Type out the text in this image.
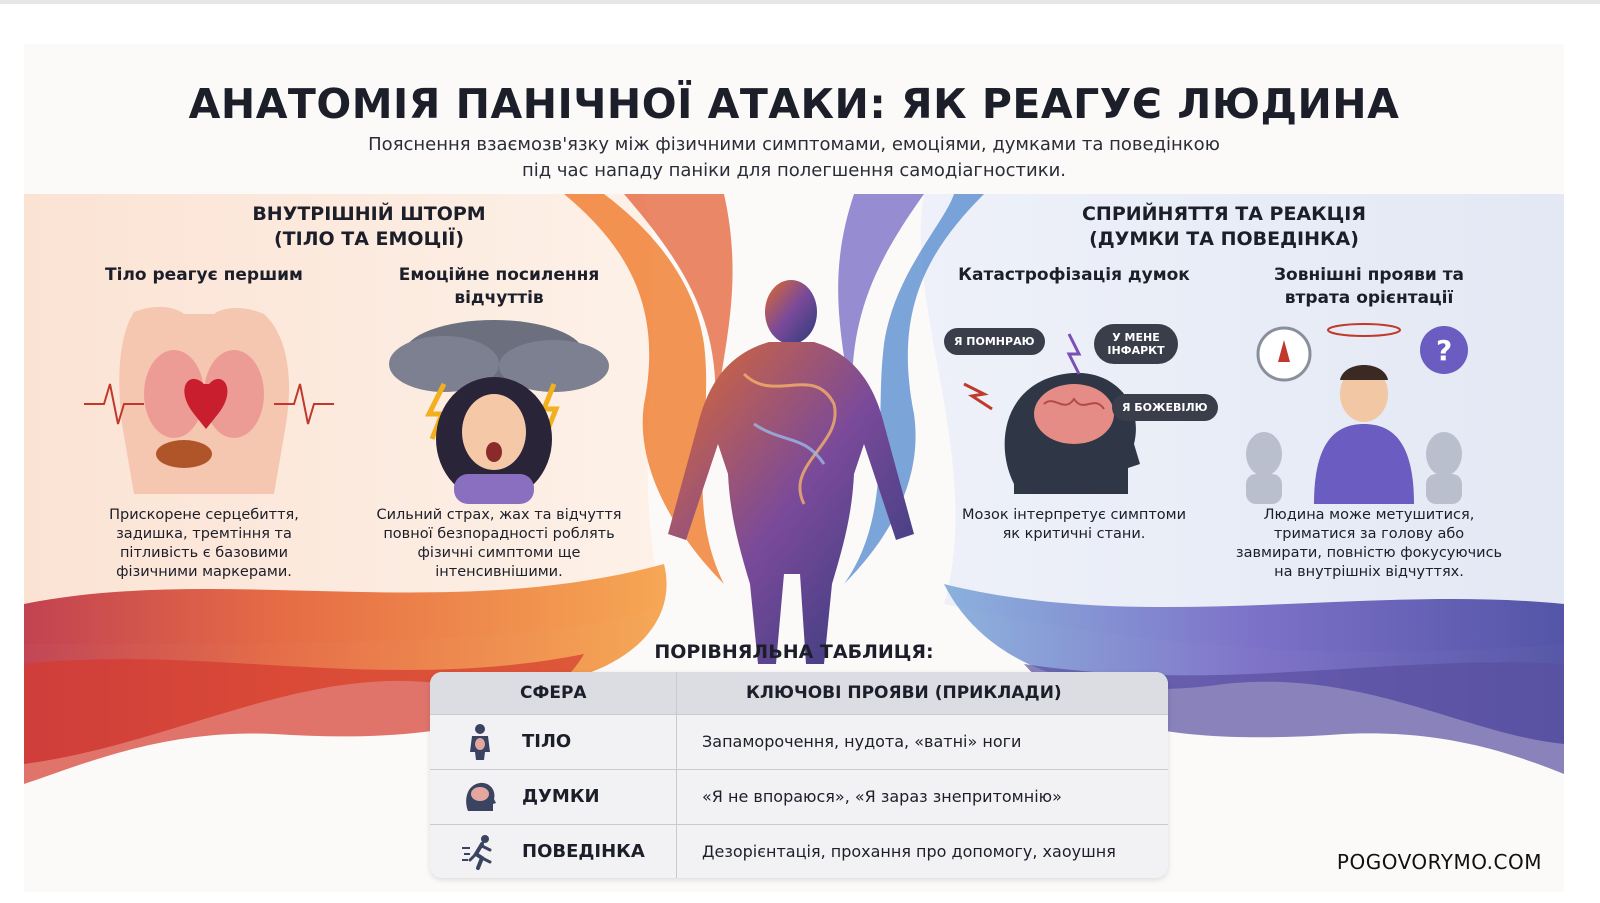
?
АНАТОМІЯ ПАНІЧНОЇ АТАКИ: ЯК РЕАГУЄ ЛЮДИНА
Пояснення взаємозв'язку між фізичними симптомами, емоціями, думками та поведінкою
під час нападу паніки для полегшення самодіагностики.
ВНУТРІШНІЙ ШТОРМ
(ТІЛО ТА ЕМОЦІЇ)
Тіло реагує першим	Емоційне посилення
відчуттів
Прискорене серцебиття,
задишка, тремтіння та
пітливість є базовими
фізичними маркерами.
Сильний страх, жах та відчуття
повної безпорадності роблять
фізичні симптоми ще
інтенсивнішими.
СПРИЙНЯТТЯ ТА РЕАКЦІЯ
(ДУМКИ ТА ПОВЕДІНКА)
Катастрофізація думок	Зовнішні прояви та
втрата орієнтації
Я ПОМНРАЮ	У МЕНЕ ІНФАРКТ
Я БОЖЕВІЛЮ
Мозок інтерпретує симптоми
як критичні стани.
Людина може метушитися,
триматися за голову або
завмирати, повністю фокусуючись
на внутрішніх відчуттях.
ПОРІВНЯЛЬНА ТАБЛИЦЯ:
СФЕРА	КЛЮЧОВІ ПРОЯВИ (ПРИКЛАДИ)
ТІЛО	Запаморочення, нудота, «ватні» ноги
ДУМКИ	«Я не впораюся», «Я зараз знепритомнію»
ПОВЕДІНКА	Дезорієнтація, прохання про допомогу, хаоушня	POGOVORYMO.COM
